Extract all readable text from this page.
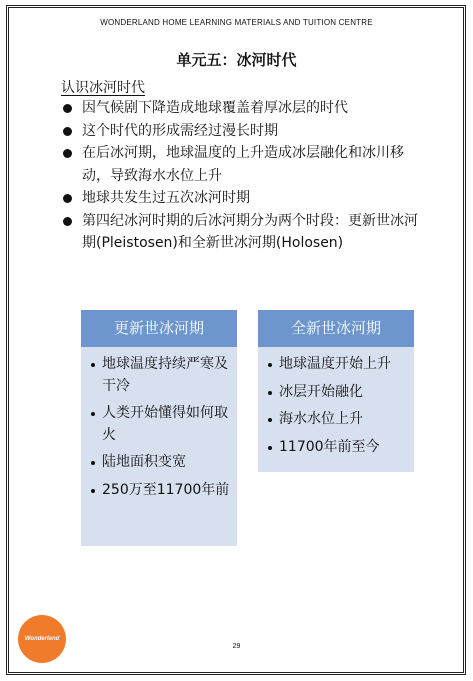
WONDERLAND HOME LEARNING MATERIALS AND TUITION CENTRE
单元五：冰河时代
认识冰河时代
因气候剧下降造成地球覆盖着厚冰层的时代
这个时代的形成需经过漫长时期
在后冰河期，地球温度的上升造成冰层融化和冰川移动，导致海水水位上升
地球共发生过五次冰河时期
第四纪冰河时期的后冰河期分为两个时段：更新世冰河期(Pleistosen)和全新世冰河期(Holosen)
更新世冰河期
地球温度持续严寒及干冷
人类开始懂得如何取火
陆地面积变宽
250万至11700年前
全新世冰河期
地球温度开始上升
冰层开始融化
海水水位上升
11700年前至今
Wonderland
29
